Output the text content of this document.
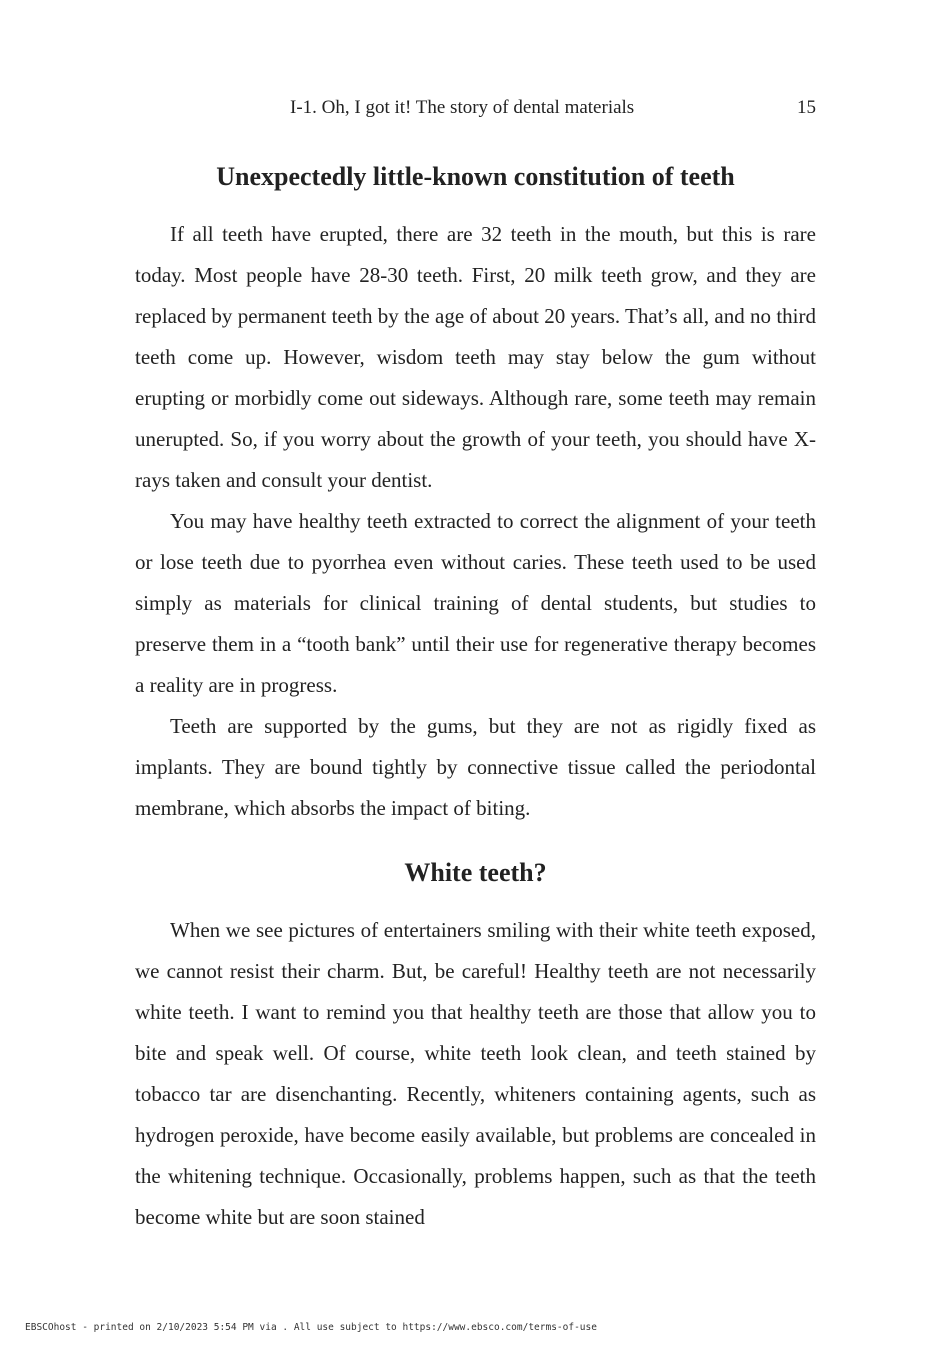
I-1. Oh, I got it! The story of dental materials	15
Unexpectedly little-known constitution of teeth

If all teeth have erupted, there are 32 teeth in the mouth, but this is rare today. Most people have 28-30 teeth. First, 20 milk teeth grow, and they are replaced by permanent teeth by the age of about 20 years. That’s all, and no third teeth come up. However, wisdom teeth may stay below the gum without erupting or morbidly come out sideways. Although rare, some teeth may remain unerupted. So, if you worry about the growth of your teeth, you should have X-rays taken and consult your dentist.

You may have healthy teeth extracted to correct the alignment of your teeth or lose teeth due to pyorrhea even without caries. These teeth used to be used simply as materials for clinical training of dental students, but studies to preserve them in a “tooth bank” until their use for regenerative therapy becomes a reality are in progress.

Teeth are supported by the gums, but they are not as rigidly fixed as implants. They are bound tightly by connective tissue called the periodontal membrane, which absorbs the impact of biting.

White teeth?

When we see pictures of entertainers smiling with their white teeth exposed, we cannot resist their charm. But, be careful! Healthy teeth are not necessarily white teeth. I want to remind you that healthy teeth are those that allow you to bite and speak well. Of course, white teeth look clean, and teeth stained by tobacco tar are disenchanting. Recently, whiteners containing agents, such as hydrogen peroxide, have become easily available, but problems are concealed in the whitening technique. Occasionally, problems happen, such as that the teeth become white but are soon stained

EBSCOhost - printed on 2/10/2023 5:54 PM via . All use subject to https://www.ebsco.com/terms-of-use
